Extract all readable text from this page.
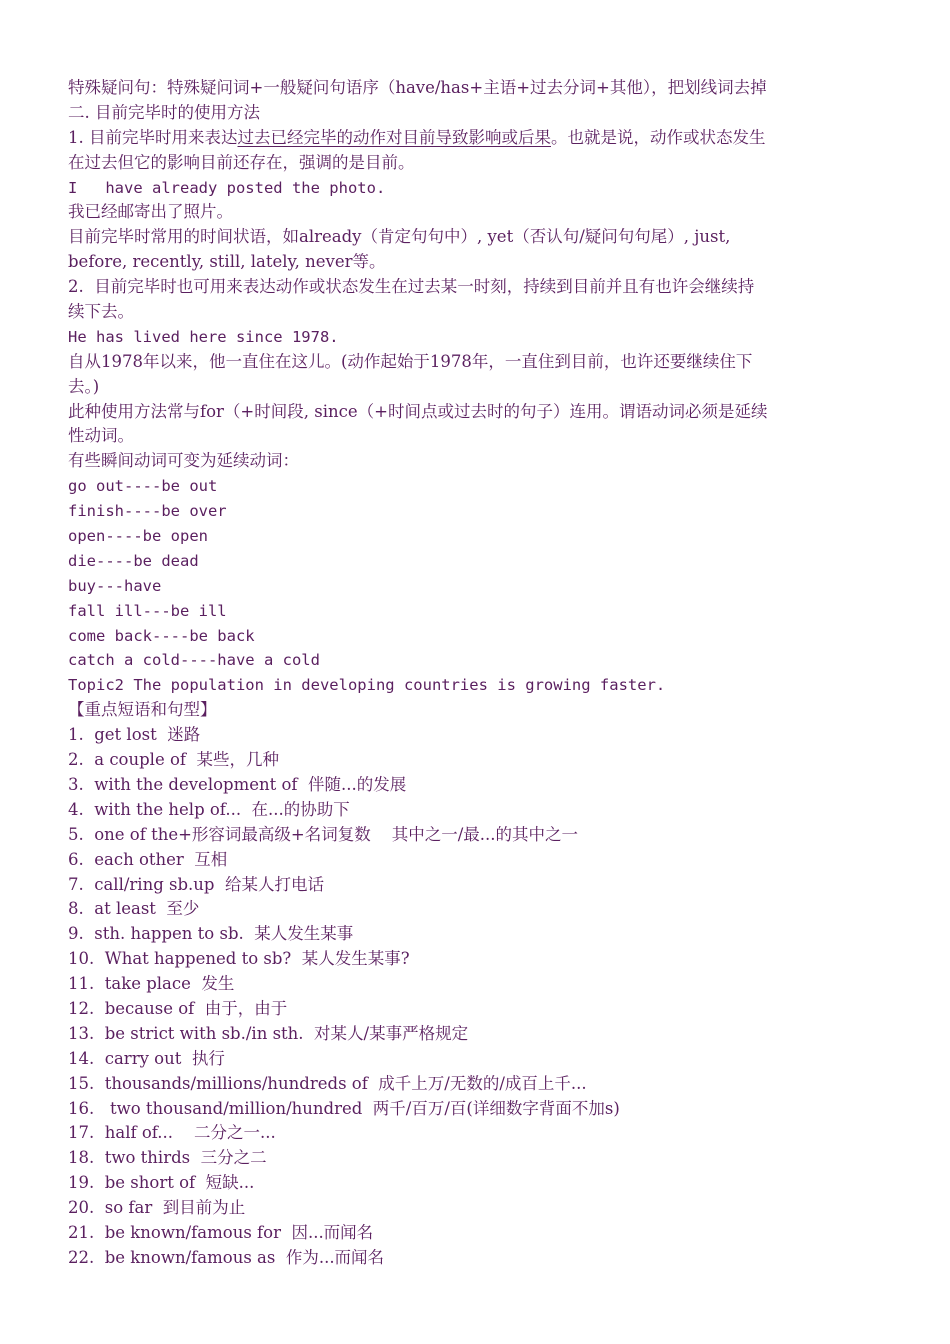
特殊疑问句：特殊疑问词+一般疑问句语序（have/has+主语+过去分词+其他），把划线词去掉
二. 目前完毕时的使用方法
1. 目前完毕时用来表达过去已经完毕的动作对目前导致影响或后果。也就是说，动作或状态发生
在过去但它的影响目前还存在，强调的是目前。
I   have already posted the photo.
我已经邮寄出了照片。
目前完毕时常用的时间状语，如already（肯定句句中）, yet（否认句/疑问句句尾）, just,
before, recently, still, lately, never等。
2.  目前完毕时也可用来表达动作或状态发生在过去某一时刻，持续到目前并且有也许会继续持
续下去。
He has lived here since 1978.
自从1978年以来，他一直住在这儿。(动作起始于1978年，一直住到目前，也许还要继续住下
去。)
此种使用方法常与for（+时间段, since（+时间点或过去时的句子）连用。谓语动词必须是延续
性动词。
有些瞬间动词可变为延续动词：
go out----be out
finish----be over
open----be open
die----be dead
buy---have
fall ill---be ill
come back----be back
catch a cold----have a cold
Topic2 The population in developing countries is growing faster.
【重点短语和句型】
1.  get lost  迷路
2.  a couple of  某些，几种
3.  with the development of  伴随...的发展
4.  with the help of...  在...的协助下
5.  one of the+形容词最高级+名词复数    其中之一/最...的其中之一
6.  each other  互相
7.  call/ring sb.up  给某人打电话
8.  at least  至少
9.  sth. happen to sb.  某人发生某事
10.  What happened to sb?  某人发生某事?
11.  take place  发生
12.  because of  由于，由于
13.  be strict with sb./in sth.  对某人/某事严格规定
14.  carry out  执行
15.  thousands/millions/hundreds of  成千上万/无数的/成百上千...
16.   two thousand/million/hundred  两千/百万/百(详细数字背面不加s)
17.  half of...    二分之一...
18.  two thirds  三分之二
19.  be short of  短缺...
20.  so far  到目前为止
21.  be known/famous for  因...而闻名
22.  be known/famous as  作为...而闻名
